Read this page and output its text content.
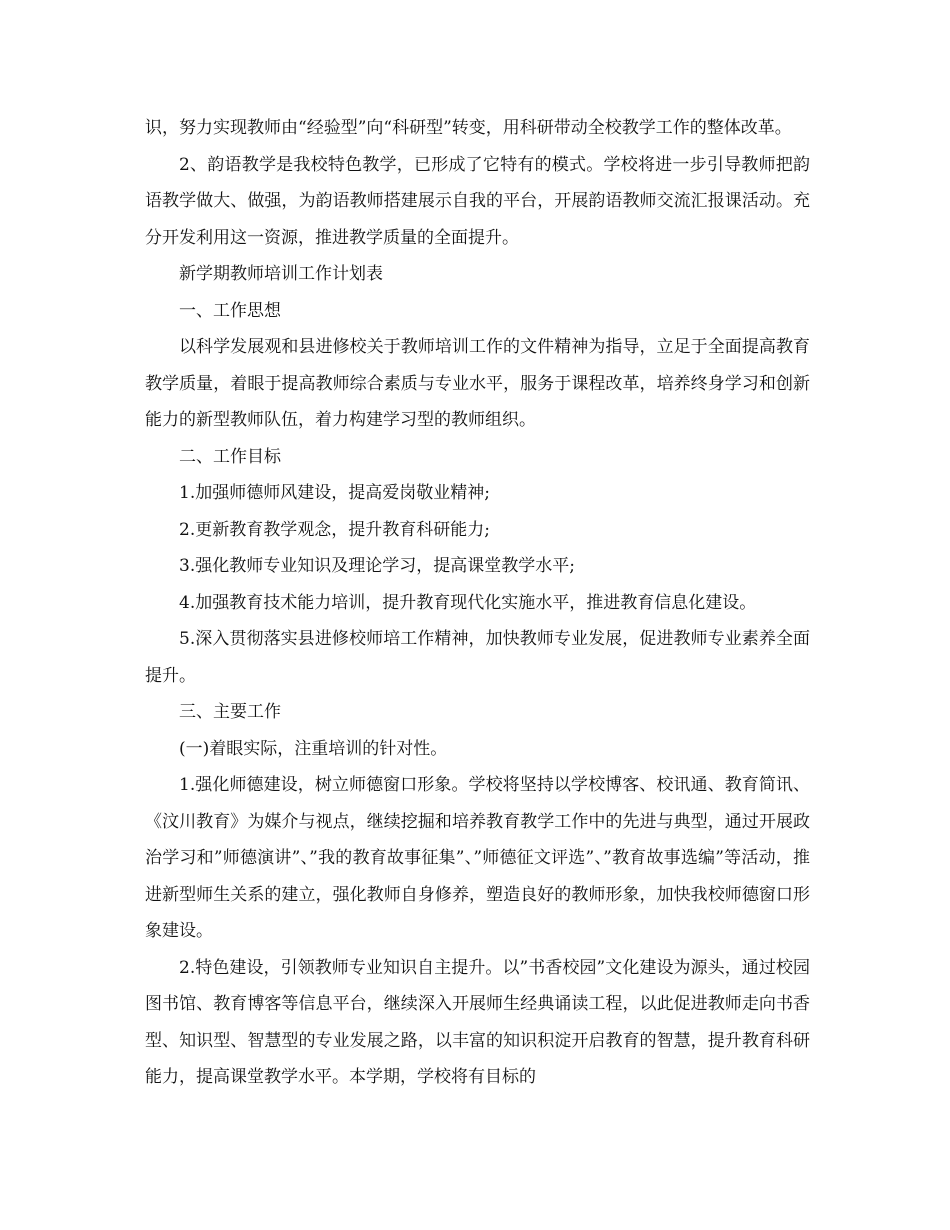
识，努力实现教师由“经验型”向“科研型”转变，用科研带动全校教学工作的整体改革。

2、韵语教学是我校特色教学，已形成了它特有的模式。学校将进一步引导教师把韵语教学做大、做强，为韵语教师搭建展示自我的平台，开展韵语教师交流汇报课活动。充分开发利用这一资源，推进教学质量的全面提升。

新学期教师培训工作计划表

一、工作思想

以科学发展观和县进修校关于教师培训工作的文件精神为指导，立足于全面提高教育教学质量，着眼于提高教师综合素质与专业水平，服务于课程改革，培养终身学习和创新能力的新型教师队伍，着力构建学习型的教师组织。

二、工作目标

1.加强师德师风建设，提高爱岗敬业精神;

2.更新教育教学观念，提升教育科研能力;

3.强化教师专业知识及理论学习，提高课堂教学水平;

4.加强教育技术能力培训，提升教育现代化实施水平，推进教育信息化建设。

5.深入贯彻落实县进修校师培工作精神，加快教师专业发展，促进教师专业素养全面提升。

三、主要工作

(一)着眼实际，注重培训的针对性。

1.强化师德建设，树立师德窗口形象。学校将坚持以学校博客、校讯通、教育简讯、《汶川教育》为媒介与视点，继续挖掘和培养教育教学工作中的先进与典型，通过开展政治学习和”师德演讲”、”我的教育故事征集”、”师德征文评选”、”教育故事选编”等活动，推进新型师生关系的建立，强化教师自身修养，塑造良好的教师形象，加快我校师德窗口形象建设。

2.特色建设，引领教师专业知识自主提升。以”书香校园”文化建设为源头，通过校园图书馆、教育博客等信息平台，继续深入开展师生经典诵读工程，以此促进教师走向书香型、知识型、智慧型的专业发展之路，以丰富的知识积淀开启教育的智慧，提升教育科研能力，提高课堂教学水平。本学期，学校将有目标的
